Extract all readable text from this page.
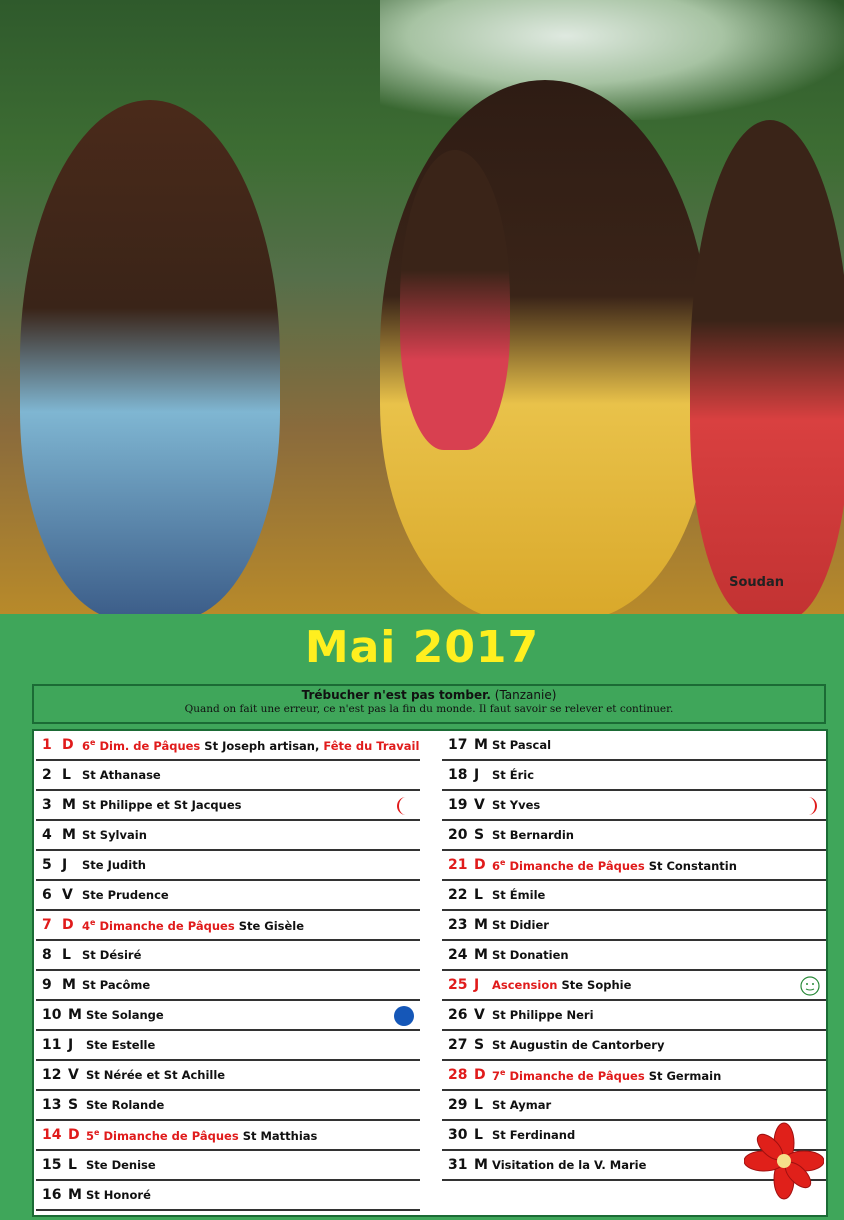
Soudan
Mai 2017
Trébucher n'est pas tomber. (Tanzanie)
Quand on fait une erreur, ce n'est pas la fin du monde. Il faut savoir se relever et continuer.
1 D 6e Dim. de Pâques St Joseph artisan, Fête du Travail
2 L St Athanase
3 M St Philippe et St Jacques
4 M St Sylvain
5 J Ste Judith
6 V Ste Prudence
7 D 4e Dimanche de Pâques Ste Gisèle
8 L St Désiré
9 M St Pacôme
10 M Ste Solange
11 J Ste Estelle
12 V St Nérée et St Achille
13 S Ste Rolande
14 D 5e Dimanche de Pâques St Matthias
15 L Ste Denise
16 M St Honoré
17 M St Pascal
18 J St Éric
19 V St Yves
20 S St Bernardin
21 D 6e Dimanche de Pâques St Constantin
22 L St Émile
23 M St Didier
24 M St Donatien
25 J Ascension Ste Sophie
26 V St Philippe Neri
27 S St Augustin de Cantorbery
28 D 7e Dimanche de Pâques St Germain
29 L St Aymar
30 L St Ferdinand
31 M Visitation de la V. Marie
